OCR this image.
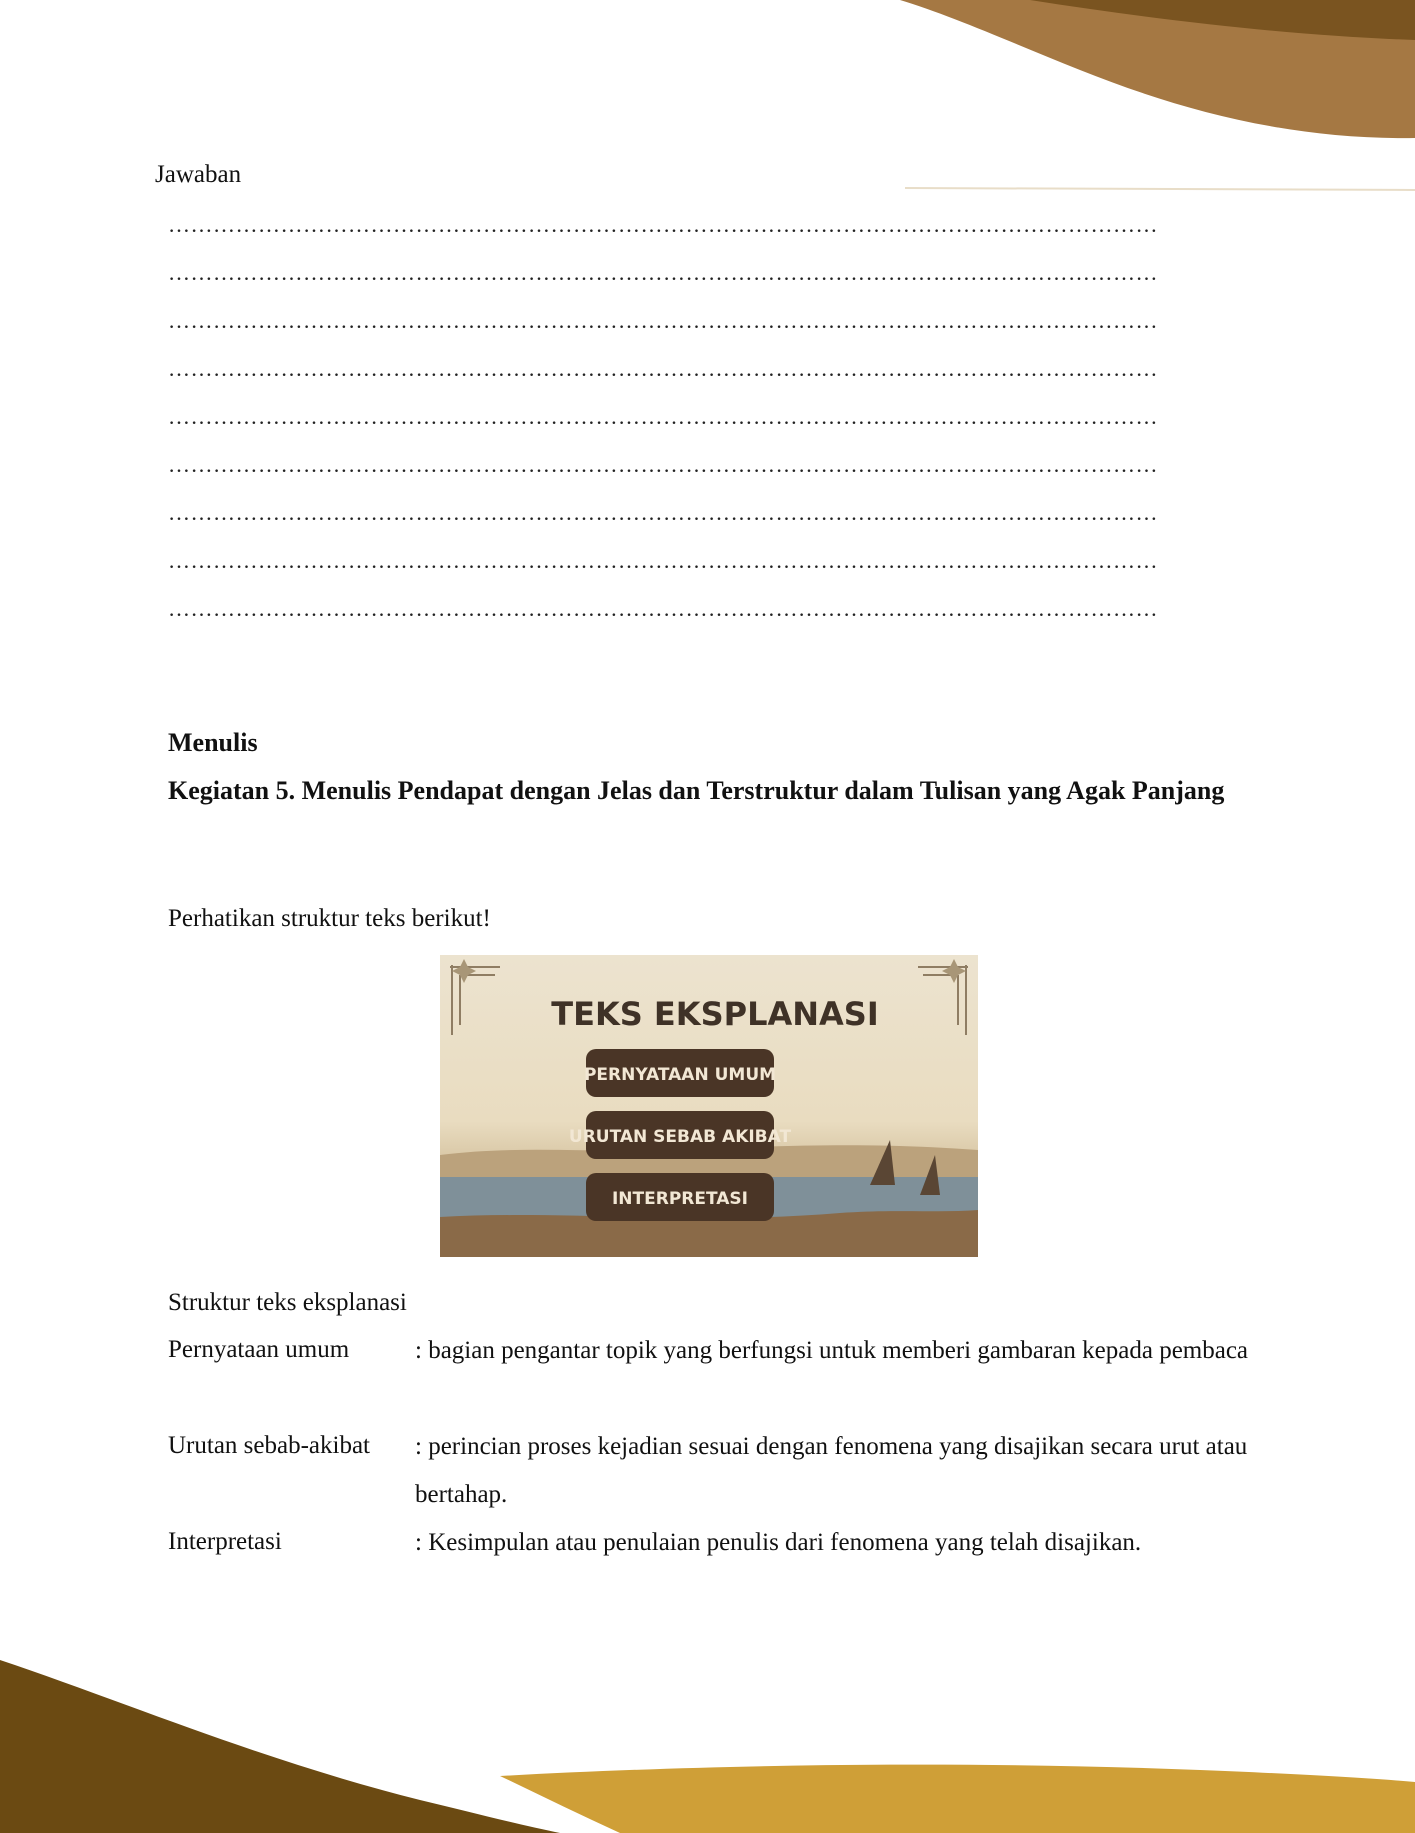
Jawaban
……………………………………………………………………………………………………………………
……………………………………………………………………………………………………………………
……………………………………………………………………………………………………………………
……………………………………………………………………………………………………………………
……………………………………………………………………………………………………………………
……………………………………………………………………………………………………………………
……………………………………………………………………………………………………………………
……………………………………………………………………………………………………………………
……………………………………………………………………………………………………………………
Menulis
Kegiatan 5. Menulis Pendapat dengan Jelas dan Terstruktur dalam Tulisan yang Agak Panjang
Perhatikan struktur teks berikut!
TEKS EKSPLANASI
PERNYATAAN UMUM
URUTAN SEBAB AKIBAT
INTERPRETASI
Struktur teks eksplanasi
Pernyataan umum	: bagian pengantar topik yang berfungsi untuk memberi gambaran kepada pembaca
Urutan sebab-akibat : perincian proses kejadian sesuai dengan fenomena yang disajikan secara urut atau bertahap.
Interpretasi	: Kesimpulan atau penulaian penulis dari fenomena yang telah disajikan.
